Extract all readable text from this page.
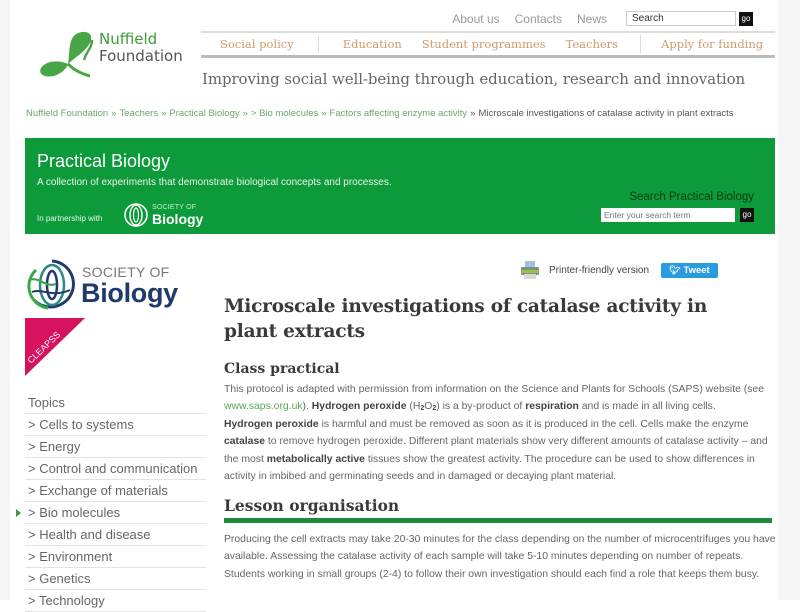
Nuffield
Foundation
About us Contacts News
Search	go
Social policy	Education Student programmes Teachers	Apply for funding
Improving social well-being through education, research and innovation
Nuffield Foundation » Teachers » Practical Biology » > Bio molecules » Factors affecting enzyme activity » Microscale investigations of catalase activity in plant extracts
Practical Biology
A collection of experiments that demonstrate biological concepts and processes.
In partnership with
SOCIETY OF
Biology
Search Practical Biology
Enter your search term
go
SOCIETY OF
Biology
CLEAPSS
Topics
> Cells to systems
> Energy
> Control and communication
> Exchange of materials
> Bio molecules
> Health and disease
> Environment
> Genetics
> Technology
Printer-friendly version 🐦︎ Tweet
Microscale investigations of catalase activity in plant extracts
Class practical

This protocol is adapted with permission from information on the Science and Plants for Schools (SAPS) website (see www.saps.org.uk). Hydrogen peroxide $(H_2O_2)$ is a by-product of respiration and is made in all living cells.

Hydrogen peroxide is harmful and must be removed as soon as it is produced in the cell. Cells make the enzyme catalase to remove hydrogen peroxide. Different plant materials show very different amounts of catalase activity – and the most metabolically active tissues show the greatest activity. The procedure can be used to show differences in activity in imbibed and germinating seeds and in damaged or decaying plant material.

Lesson organisation

Producing the cell extracts may take 20-30 minutes for the class depending on the number of microcentrifuges you have available. Assessing the catalase activity of each sample will take 5-10 minutes depending on number of repeats. Students working in small groups (2-4) to follow their own investigation should each find a role that keeps them busy.
